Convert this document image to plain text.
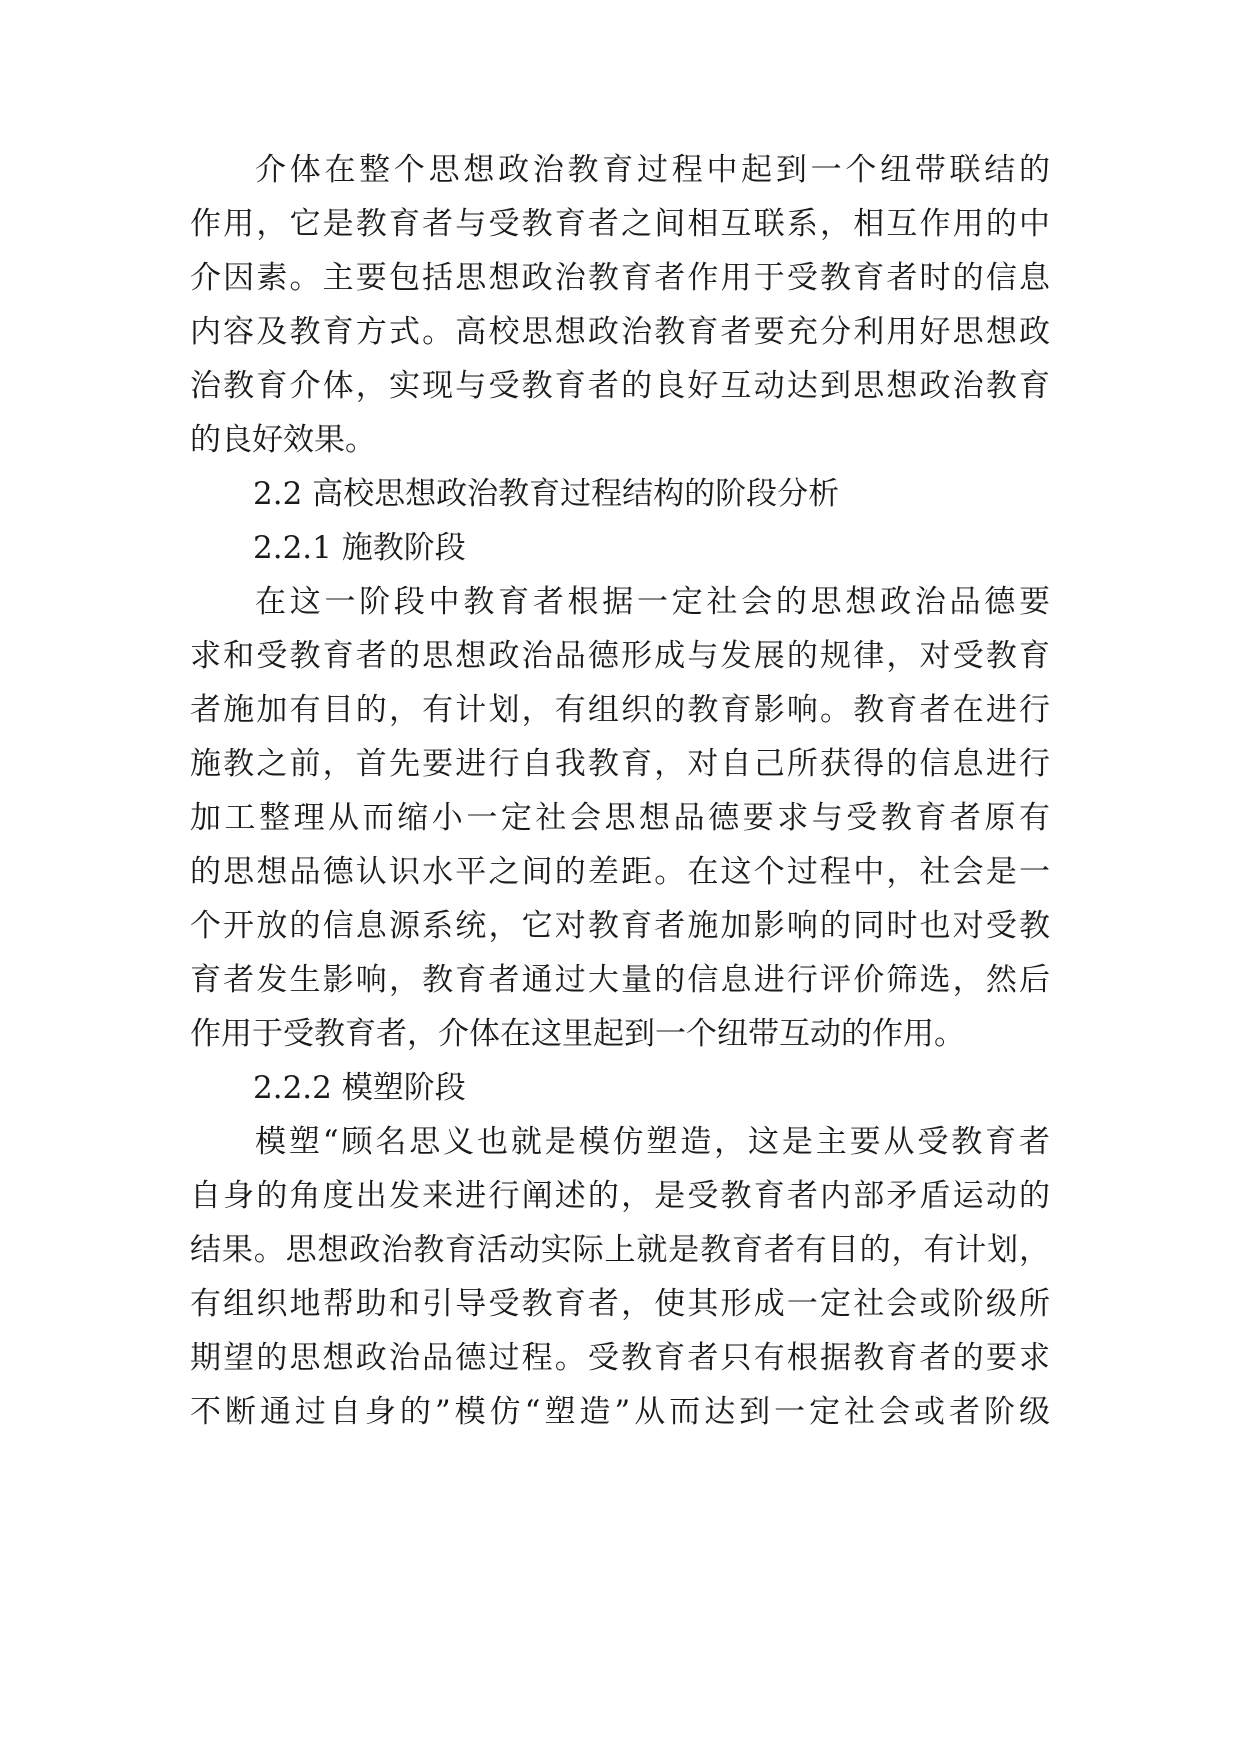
介体在整个思想政治教育过程中起到一个纽带联结的
作用，它是教育者与受教育者之间相互联系，相互作用的中
介因素。主要包括思想政治教育者作用于受教育者时的信息
内容及教育方式。高校思想政治教育者要充分利用好思想政
治教育介体，实现与受教育者的良好互动达到思想政治教育
的良好效果。
2.2 高校思想政治教育过程结构的阶段分析
2.2.1 施教阶段
在这一阶段中教育者根据一定社会的思想政治品德要
求和受教育者的思想政治品德形成与发展的规律，对受教育
者施加有目的，有计划，有组织的教育影响。教育者在进行
施教之前，首先要进行自我教育，对自己所获得的信息进行
加工整理从而缩小一定社会思想品德要求与受教育者原有
的思想品德认识水平之间的差距。在这个过程中，社会是一
个开放的信息源系统，它对教育者施加影响的同时也对受教
育者发生影响，教育者通过大量的信息进行评价筛选，然后
作用于受教育者，介体在这里起到一个纽带互动的作用。
2.2.2 模塑阶段
模塑“顾名思义也就是模仿塑造，这是主要从受教育者
自身的角度出发来进行阐述的，是受教育者内部矛盾运动的
结果。思想政治教育活动实际上就是教育者有目的，有计划，
有组织地帮助和引导受教育者，使其形成一定社会或阶级所
期望的思想政治品德过程。受教育者只有根据教育者的要求
不断通过自身的”模仿“塑造”从而达到一定社会或者阶级
